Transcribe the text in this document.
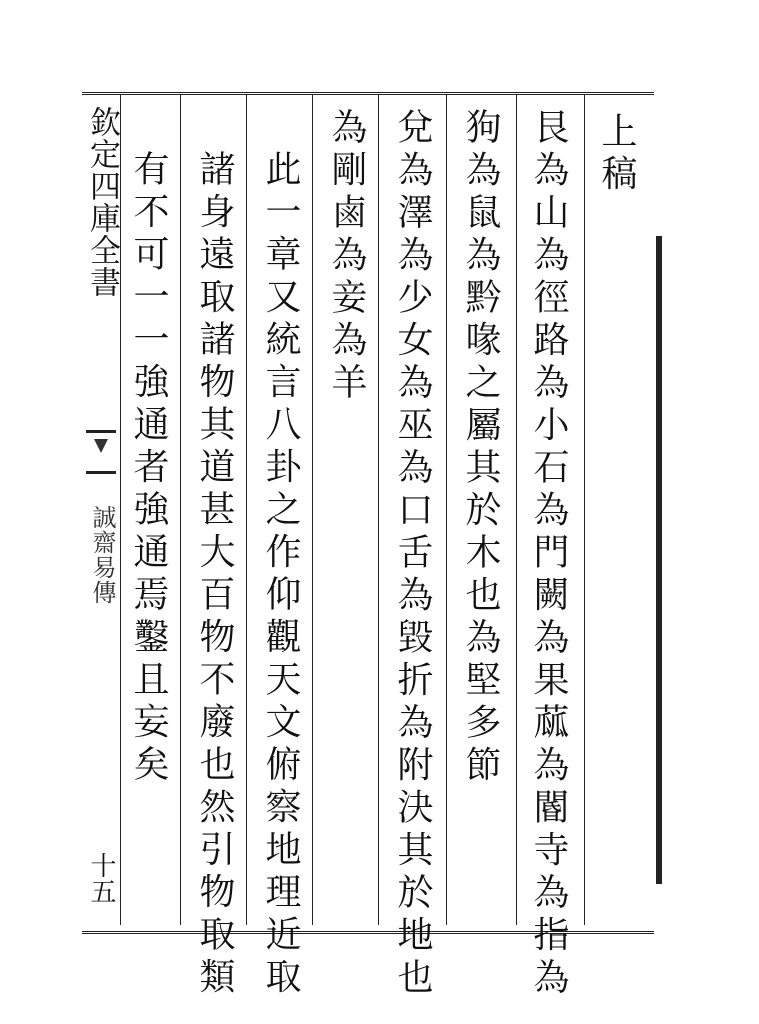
欽定四庫全書
誠齋易傳
十五
上稿
艮為山為徑路為小石為門闕為果蓏為閽寺為指為
狗為鼠為黔喙之屬其於木也為堅多節
兌為澤為少女為巫為口舌為毀折為附決其於地也
為剛鹵為妾為羊
此一章又統言八卦之作仰觀天文俯察地理近取
諸身遠取諸物其道甚大百物不廢也然引物取類
有不可一一強通者強通焉鑿且妄矣
